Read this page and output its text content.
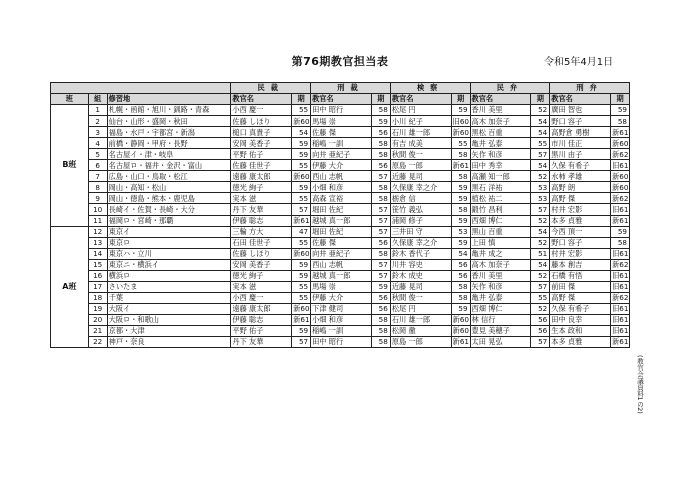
第76期教官担当表	令和5年4月1日
			民裁		刑裁		検察		民弁		刑弁	
班	組	修習地	教官名	期	教官名	期	教官名	期	教官名	期	教官名	期
B班	1	札幌・函館・旭川・釧路・青森	小西 慶一	55	田中 昭行	58	松尾 円	59	香川 美里	52	廣田 智也	59
	2	仙台・山形・盛岡・秋田	佐藤 しほり	新60	馬場 崇	59	小川 紀子	旧60	高木 加奈子	54	野口 容子	58
	3	福島・水戸・宇都宮・新潟	槌口 真貴子	54	佐藤 傑	56	石川 雄一郎	新60	黒松 百重	54	高野倉 勇樹	新61
	4	前橋・静岡・甲府・長野	安岡 美香子	59	稲嶋 一訓	58	有吉 成美	55	亀井 弘泰	55	市川 佳正	新60
	5	名古屋イ・津・岐阜	平野 佑子	59	向井 亜紀子	58	秋間 俊一	58	矢作 和彦	57	黒川 由子	新62
	6	名古屋ロ・福井・金沢・富山	佐藤 佳世子	55	伊藤 大介	56	原島 一郎	新61	田中 秀幸	54	久保 有希子	旧61
	7	広島・山口・鳥取・松江	遠藤 康太郎	新60	西山 志帆	57	近藤 晃司	58	高瀬 知一郎	52	水柿 孝雄	新60
	8	岡山・高知・松山	徳光 絢子	59	小畑 和彦	58	久保康 幸之介	59	黒石 洋祐	53	高野 朗	新60
	9	岡山・徳島・熊本・鹿児島	実本 滋	55	高森 宣裕	58	栃倉 信	59	植松 祐二	53	高野 傑	新62
	10	長崎イ・佐賀・長崎・大分	丹下 友華	57	堀田 佐紀	57	笹竹 義弘	58	鍛竹 昌利	57	村井 宏影	旧61
	11	福岡ロ・宮崎・那覇	伊藤 聡志	新61	越城 真一郎	57	浦岡 修子	59	西畑 博仁	52	本多 貞雅	新61
A班	12	東京イ	三輪 方大	47	堀田 佐紀	57	三井田 守	53	黒山 百重	54	今西 頂一	59
	13	東京ロ	石田 佳世子	55	佐藤 傑	56	久保康 幸之介	59	上田 慎	52	野口 容子	58
	14	東京ハ・立川	佐藤 しほり	新60	向井 亜紀子	58	鈴木 香代子	54	亀井 成之	51	村井 宏影	旧61
	15	東京ニ・横浜イ	安岡 美香子	59	西山 志帆	57	川井 容史	56	高木 加奈子	54	藤本 創吉	新62
	16	横浜ロ	徳光 絢子	59	越城 真一郎	57	鈴木 成史	56	香川 美里	52	石橋 有悟	旧61
	17	さいたま	実本 滋	55	馬場 崇	59	近藤 晃司	58	矢作 和彦	57	前田 傑	旧61
	18	千葉	小西 慶一	55	伊藤 大介	56	秋間 俊一	58	亀井 弘泰	55	高野 傑	新62
	19	大阪イ	遠藤 康太郎	新60	下津 健司	56	松尾 円	59	西畑 博仁	52	久保 有希子	旧61
	20	大阪ロ・和歌山	伊藤 聡志	新61	小畑 和彦	58	石川 雄一郎	新60	林 信行	56	田中 良幸	旧61
	21	京都・大津	平野 佑子	59	稲嶋 一訓	58	松岡 徹	新60	豊見 美穂子	56	生本 政和	旧61
	22	神戸・奈良	丹下 友華	57	田中 昭行	58	原島 一郎	新61	太田 晃弘	57	本多 貞雅	新61
(教官会議資料1の2)
